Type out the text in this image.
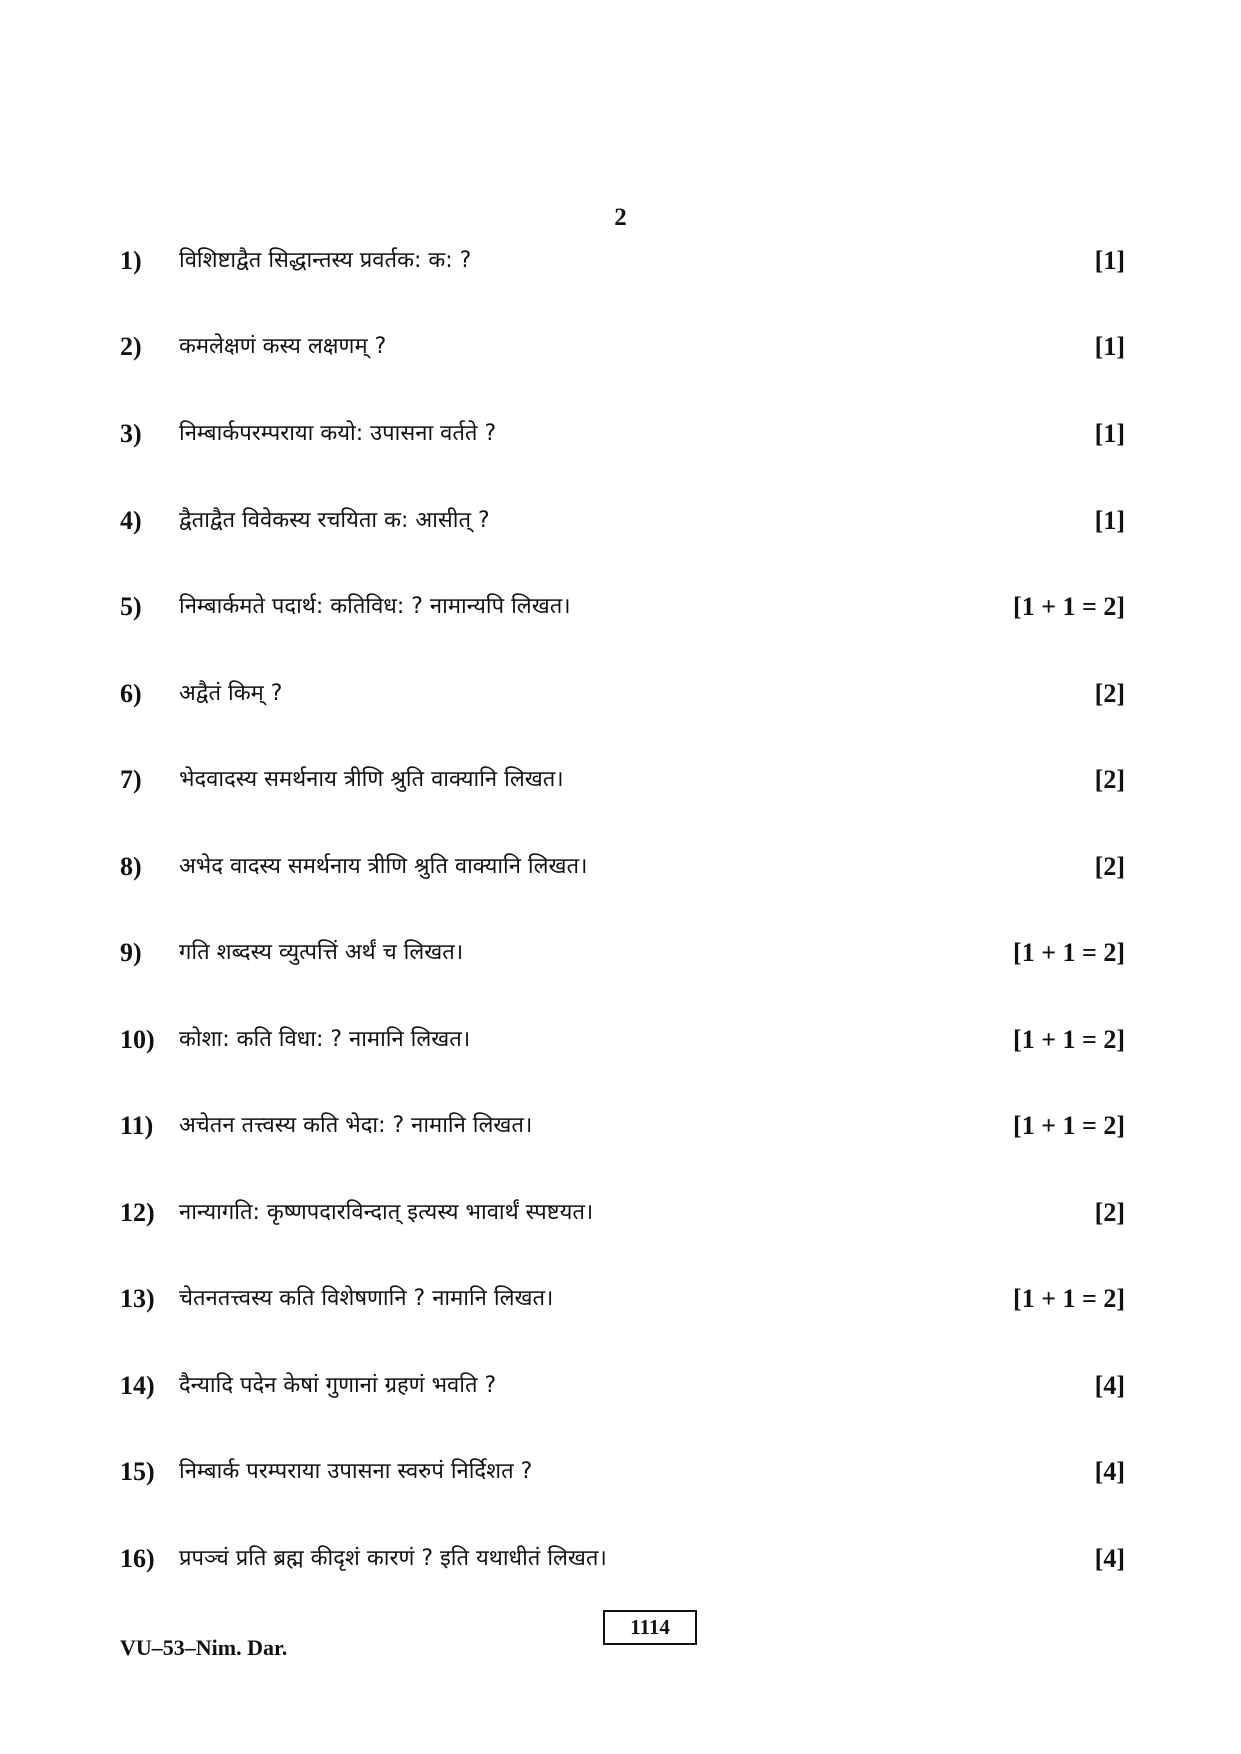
2
1) विशिष्टाद्वैत सिद्धान्तस्य प्रवर्तक: क: ?	[1]
2) कमलेक्षणं कस्य लक्षणम् ?	[1]
3) निम्बार्कपरम्पराया कयो: उपासना वर्तते ?	[1]
4) द्वैताद्वैत विवेकस्य रचयिता क: आसीत् ?	[1]
5) निम्बार्कमते पदार्थ: कतिविध: ? नामान्यपि लिखत।	[1 + 1 = 2]
6) अद्वैतं किम् ?	[2]
7) भेदवादस्य समर्थनाय त्रीणि श्रुति वाक्यानि लिखत।	[2]
8) अभेद वादस्य समर्थनाय त्रीणि श्रुति वाक्यानि लिखत।	[2]
9) गति शब्दस्य व्युत्पत्तिं अर्थं च लिखत।	[1 + 1 = 2]
10) कोशा: कति विधा: ? नामानि लिखत।	[1 + 1 = 2]
11) अचेतन तत्त्वस्य कति भेदा: ? नामानि लिखत।	[1 + 1 = 2]
12) नान्यागति: कृष्णपदारविन्दात् इत्यस्य भावार्थं स्पष्टयत।	[2]
13) चेतनतत्त्वस्य कति विशेषणानि ? नामानि लिखत।	[1 + 1 = 2]
14) दैन्यादि पदेन केषां गुणानां ग्रहणं भवति ?	[4]
15) निम्बार्क परम्पराया उपासना स्वरुपं निर्दिशत ?	[4]
16) प्रपञ्चं प्रति ब्रह्म कीदृशं कारणं ? इति यथाधीतं लिखत।	[4]
VU–53–Nim. Dar.
1114
